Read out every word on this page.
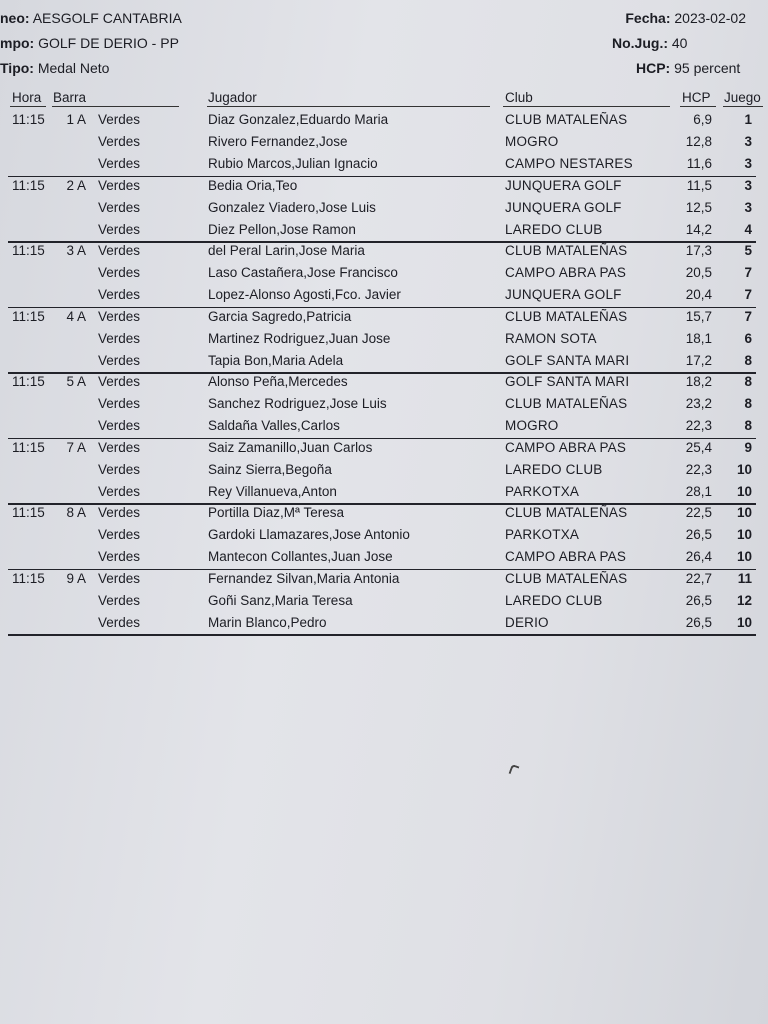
neo: AESGOLF CANTABRIA
mpo: GOLF DE DERIO - PP
Tipo: Medal Neto
Fecha: 2023-02-02
No.Jug.: 40
HCP: 95 percent
Hora Barra	Jugador	Club	HCP Juego
11:15	1 A Verdes	Diaz Gonzalez,Eduardo Maria	CLUB MATALEÑAS	6,9	1
Verdes	Rivero Fernandez,Jose	MOGRO	12,8	3
Verdes	Rubio Marcos,Julian Ignacio	CAMPO NESTARES	11,6	3
11:15	2 A Verdes	Bedia Oria,Teo	JUNQUERA GOLF	11,5	3
Verdes	Gonzalez Viadero,Jose Luis	JUNQUERA GOLF	12,5	3
Verdes	Diez Pellon,Jose Ramon	LAREDO CLUB	14,2	4
11:15	3 A Verdes	del Peral Larin,Jose Maria	CLUB MATALEÑAS	17,3	5
Verdes	Laso Castañera,Jose Francisco	CAMPO ABRA PAS	20,5	7
Verdes	Lopez-Alonso Agosti,Fco. Javier	JUNQUERA GOLF	20,4	7
11:15	4 A Verdes	Garcia Sagredo,Patricia	CLUB MATALEÑAS	15,7	7
Verdes	Martinez Rodriguez,Juan Jose	RAMON SOTA	18,1	6
Verdes	Tapia Bon,Maria Adela	GOLF SANTA MARI	17,2	8
11:15	5 A Verdes	Alonso Peña,Mercedes	GOLF SANTA MARI	18,2	8
Verdes	Sanchez Rodriguez,Jose Luis	CLUB MATALEÑAS	23,2	8
Verdes	Saldaña Valles,Carlos	MOGRO	22,3	8
11:15	7 A Verdes	Saiz Zamanillo,Juan Carlos	CAMPO ABRA PAS	25,4	9
Verdes	Sainz Sierra,Begoña	LAREDO CLUB	22,3	10
Verdes	Rey Villanueva,Anton	PARKOTXA	28,1	10
11:15	8 A Verdes	Portilla Diaz,Mª Teresa	CLUB MATALEÑAS	22,5	10
Verdes	Gardoki Llamazares,Jose Antonio	PARKOTXA	26,5	10
Verdes	Mantecon Collantes,Juan Jose	CAMPO ABRA PAS	26,4	10
11:15	9 A Verdes	Fernandez Silvan,Maria Antonia	CLUB MATALEÑAS	22,7	11
Verdes	Goñi Sanz,Maria Teresa	LAREDO CLUB	26,5	12
Verdes	Marin Blanco,Pedro	DERIO	26,5	10
